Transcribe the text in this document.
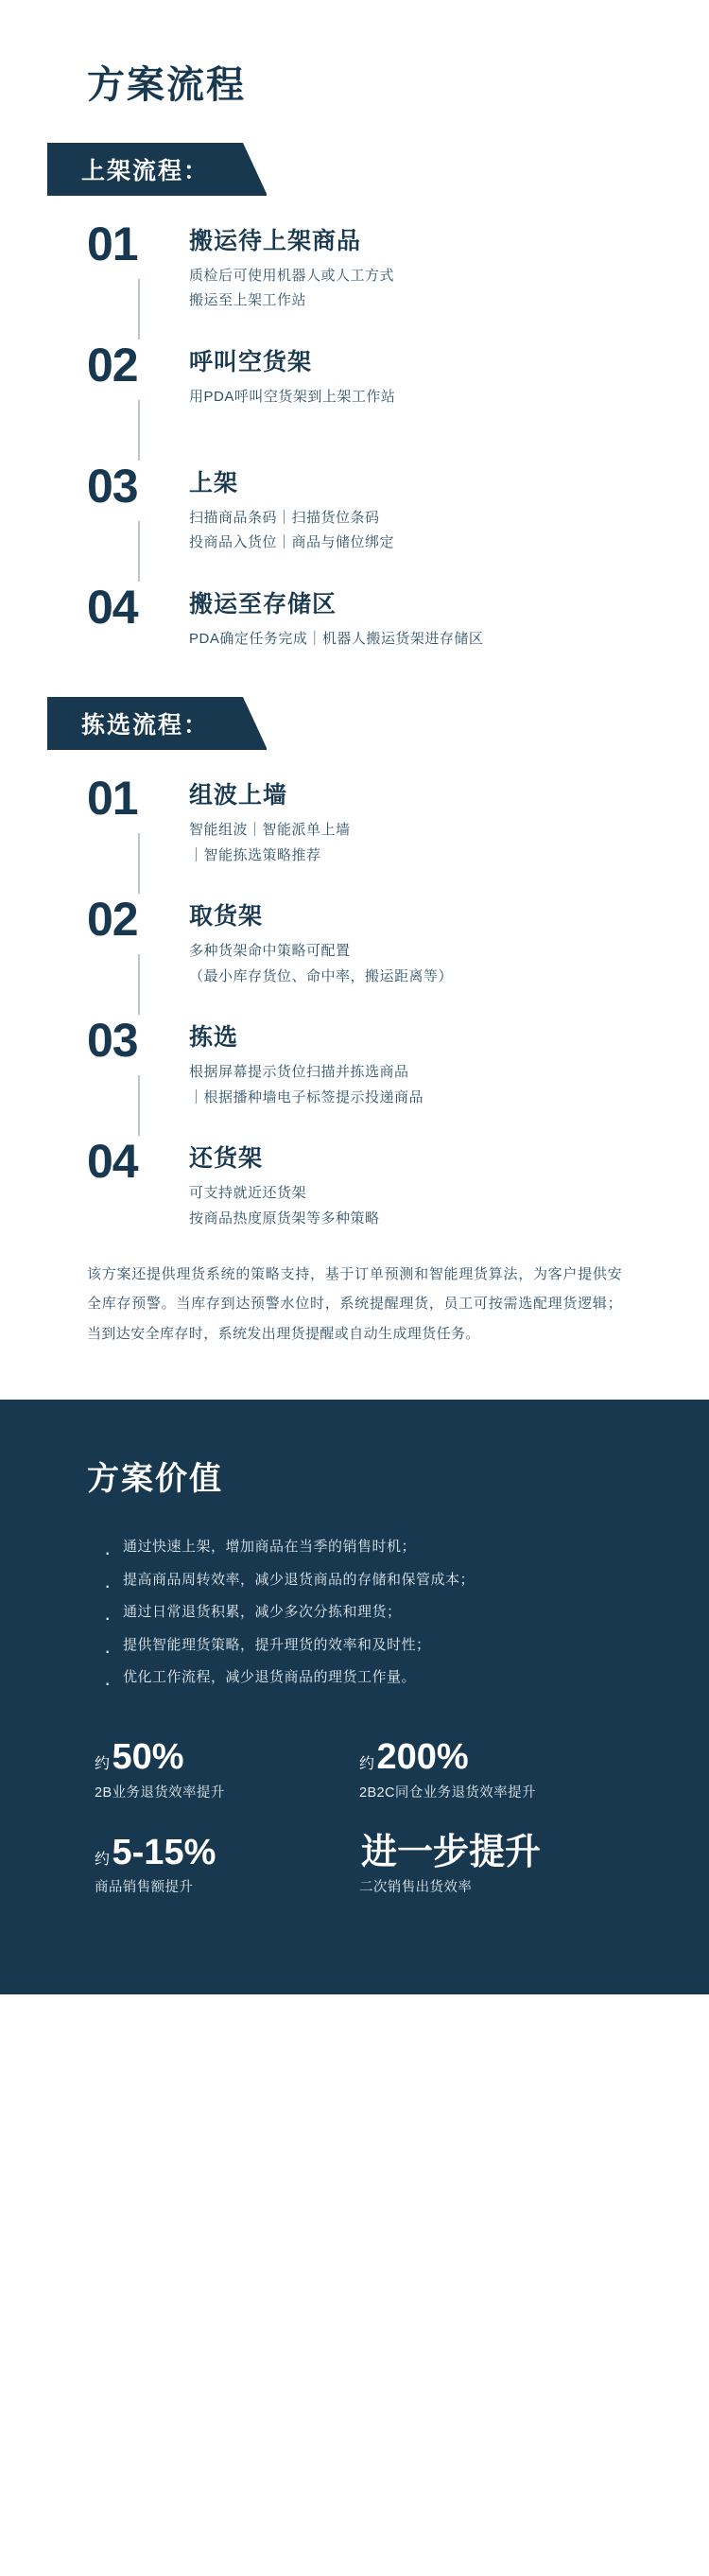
方案流程
上架流程：
01	搬运待上架商品
质检后可使用机器人或人工方式
搬运至上架工作站
02	呼叫空货架
用PDA呼叫空货架到上架工作站
03	上架
扫描商品条码｜扫描货位条码
投商品入货位｜商品与储位绑定
04	搬运至存储区
PDA确定任务完成｜机器人搬运货架进存储区
拣选流程：
01	组波上墙
智能组波｜智能派单上墙
｜智能拣选策略推荐
02	取货架
多种货架命中策略可配置
（最小库存货位、命中率，搬运距离等）
03	拣选
根据屏幕提示货位扫描并拣选商品
｜根据播种墙电子标签提示投递商品
04	还货架
可支持就近还货架
按商品热度原货架等多种策略

该方案还提供理货系统的策略支持，基于订单预测和智能理货算法，为客户提供安全库存预警。当库存到达预警水位时，系统提醒理货，员工可按需选配理货逻辑；当到达安全库存时，系统发出理货提醒或自动生成理货任务。

方案价值
· 通过快速上架，增加商品在当季的销售时机；
· 提高商品周转效率，减少退货商品的存储和保管成本；
· 通过日常退货积累，减少多次分拣和理货；
· 提供智能理货策略，提升理货的效率和及时性；
· 优化工作流程，减少退货商品的理货工作量。
约 50%
2B业务退货效率提升
约 200%
2B2C同仓业务退货效率提升
约 5-15%
商品销售额提升
进一步提升
二次销售出货效率
